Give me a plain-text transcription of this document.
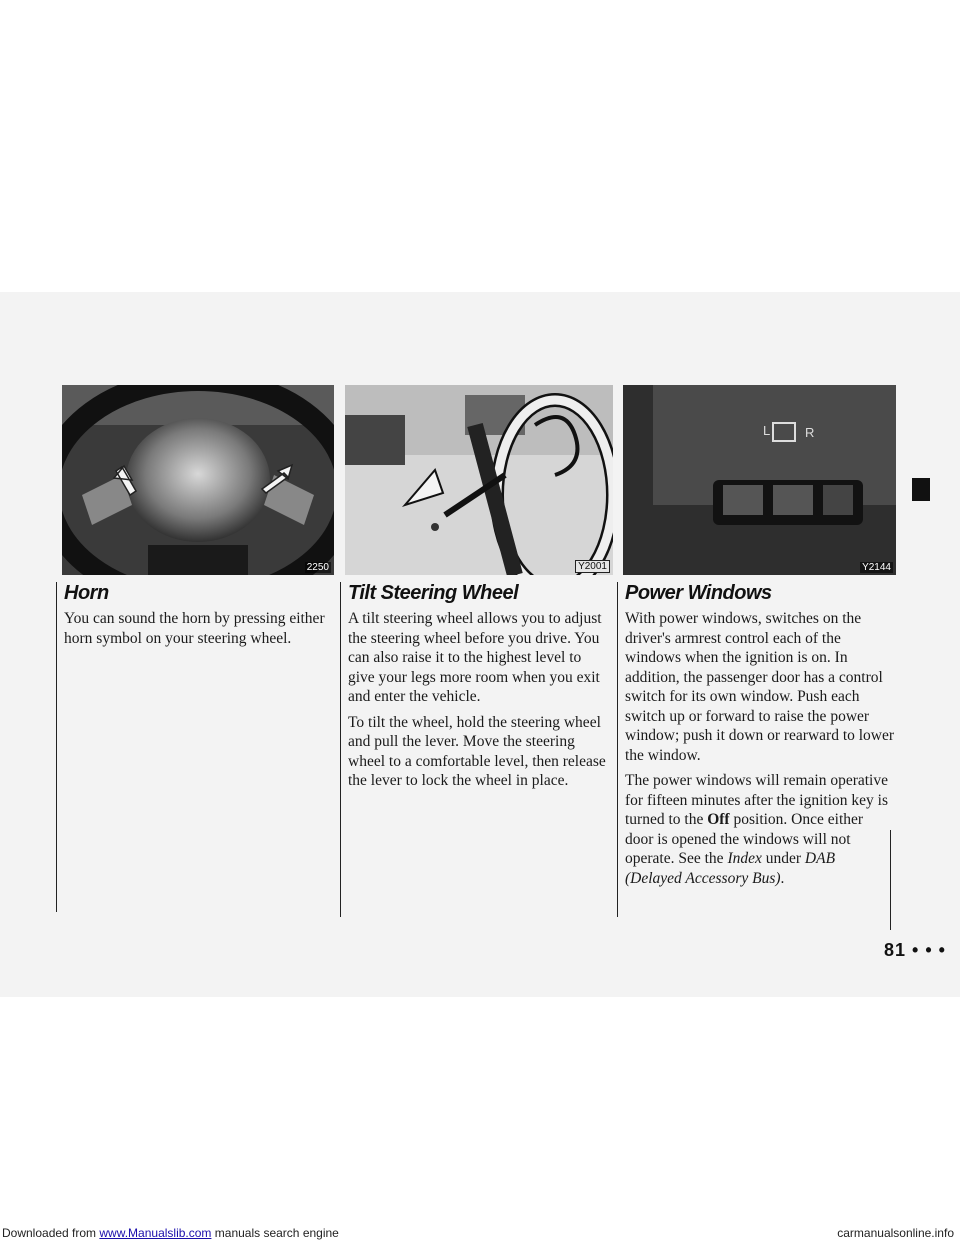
2250	Y2001
L	R
Y2144
Horn

You can sound the horn by pressing either horn symbol on your steering wheel.

Tilt Steering Wheel

A tilt steering wheel allows you to adjust the steering wheel before you drive. You can also raise it to the highest level to give your legs more room when you exit and enter the vehicle.

To tilt the wheel, hold the steering wheel and pull the lever. Move the steering wheel to a comfortable level, then release the lever to lock the wheel in place.

Power Windows

With power windows, switches on the driver's armrest control each of the windows when the ignition is on. In addition, the passenger door has a control switch for its own window. Push each switch up or forward to raise the power window; push it down or rearward to lower the window.

The power windows will remain operative for fifteen minutes after the ignition key is turned to the Off position. Once either door is opened the windows will not operate. See the Index under DAB (Delayed Accessory Bus).

81 • • •
Downloaded from www.Manualslib.com manuals search engine	carmanualsonline.info
